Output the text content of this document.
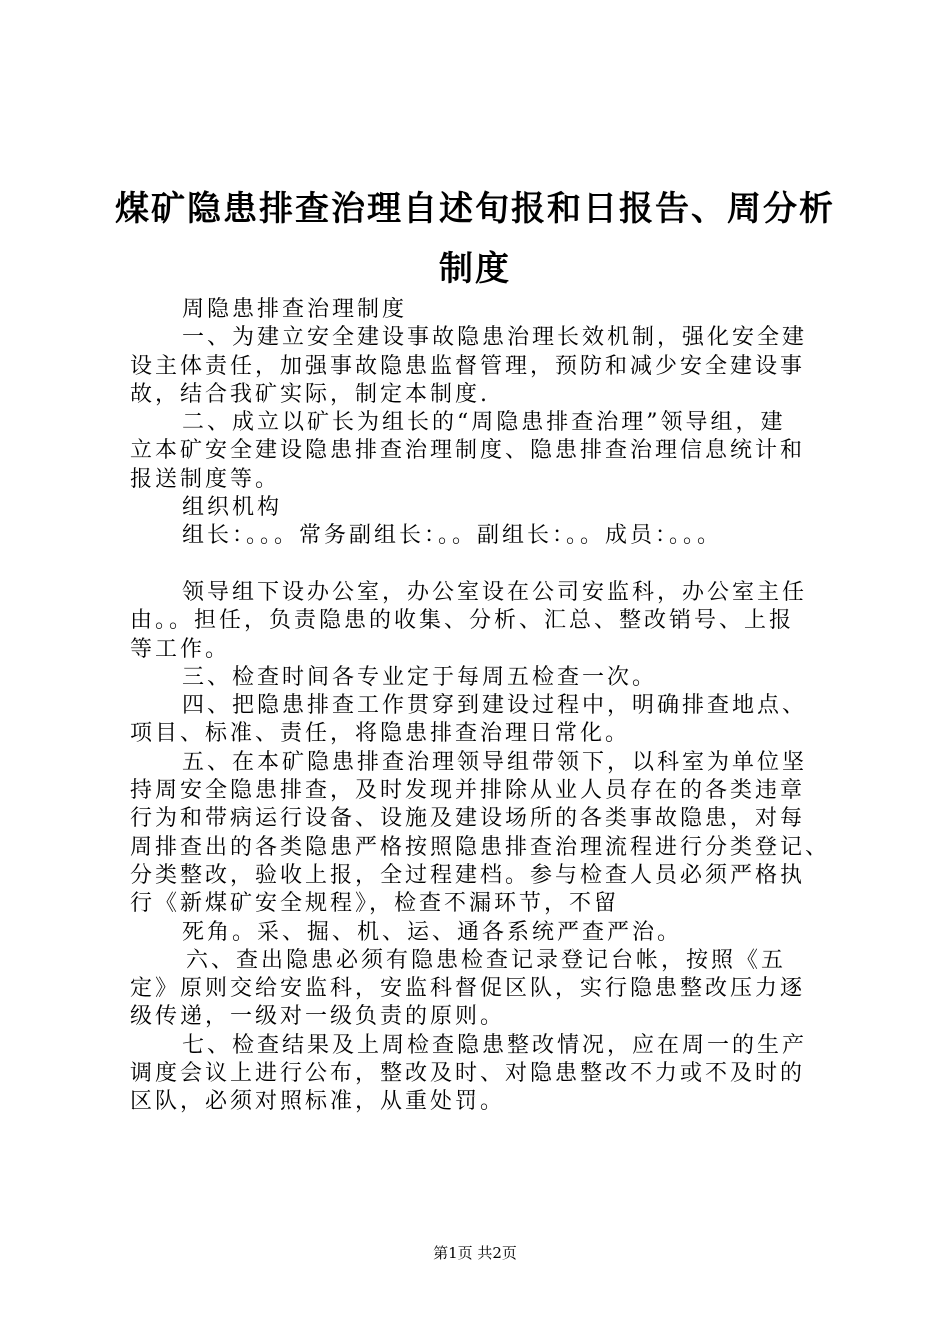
煤矿隐患排查治理自述旬报和日报告、周分析
制度

周隐患排查治理制度

一、为建立安全建设事故隐患治理长效机制，强化安全建

设主体责任，加强事故隐患监督管理，预防和减少安全建设事

故，结合我矿实际，制定本制度.

二、成立以矿长为组长的“周隐患排查治理”领导组，建

立本矿安全建设隐患排查治理制度、隐患排查治理信息统计和

报送制度等。

组织机构

组长：。。。常务副组长：。。副组长：。。成员：。。。

领导组下设办公室，办公室设在公司安监科，办公室主任

由。。担任，负责隐患的收集、分析、汇总、整改销号、上报

等工作。

三、检查时间各专业定于每周五检查一次。

四、把隐患排查工作贯穿到建设过程中，明确排查地点、

项目、标准、责任，将隐患排查治理日常化。

五、在本矿隐患排查治理领导组带领下，以科室为单位坚

持周安全隐患排查，及时发现并排除从业人员存在的各类违章

行为和带病运行设备、设施及建设场所的各类事故隐患，对每

周排查出的各类隐患严格按照隐患排查治理流程进行分类登记、

分类整改，验收上报，全过程建档。参与检查人员必须严格执

行《新煤矿安全规程》，检查不漏环节，不留

死角。采、掘、机、运、通各系统严查严治。

六、查出隐患必须有隐患检查记录登记台帐，按照《五

定》原则交给安监科，安监科督促区队，实行隐患整改压力逐

级传递，一级对一级负责的原则。

七、检查结果及上周检查隐患整改情况，应在周一的生产

调度会议上进行公布，整改及时、对隐患整改不力或不及时的

区队，必须对照标准，从重处罚。

第1页 共2页
